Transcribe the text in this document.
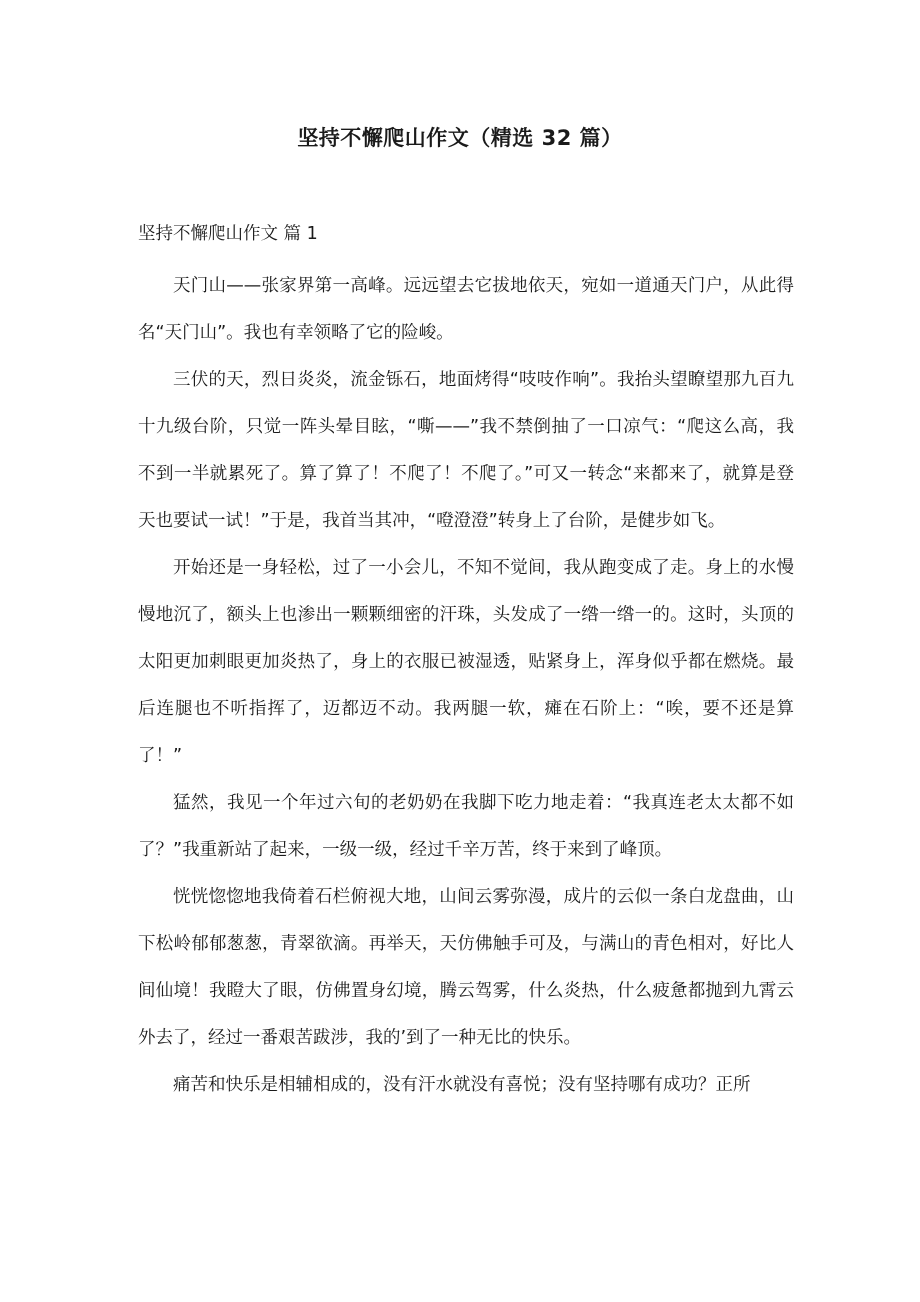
坚持不懈爬山作文（精选 32 篇）
坚持不懈爬山作文 篇 1

天门山——张家界第一高峰。远远望去它拔地依天，宛如一道通天门户，从此得名“天门山”。我也有幸领略了它的险峻。

三伏的天，烈日炎炎，流金铄石，地面烤得“吱吱作响”。我抬头望瞭望那九百九十九级台阶，只觉一阵头晕目眩，“嘶——”我不禁倒抽了一口凉气：“爬这么高，我不到一半就累死了。算了算了！不爬了！不爬了。”可又一转念“来都来了，就算是登天也要试一试！”于是，我首当其冲，“噔澄澄”转身上了台阶，是健步如飞。

开始还是一身轻松，过了一小会儿，不知不觉间，我从跑变成了走。身上的水慢慢地沉了，额头上也渗出一颗颗细密的汗珠，头发成了一绺一绺一的。这时，头顶的太阳更加刺眼更加炎热了，身上的衣服已被湿透，贴紧身上，浑身似乎都在燃烧。最后连腿也不听指挥了，迈都迈不动。我两腿一软，瘫在石阶上：“唉，要不还是算了！”

猛然，我见一个年过六旬的老奶奶在我脚下吃力地走着：“我真连老太太都不如了？”我重新站了起来，一级一级，经过千辛万苦，终于来到了峰顶。

恍恍惚惚地我倚着石栏俯视大地，山间云雾弥漫，成片的云似一条白龙盘曲，山下松岭郁郁葱葱，青翠欲滴。再举天，天仿佛触手可及，与满山的青色相对，好比人间仙境！我瞪大了眼，仿佛置身幻境，腾云驾雾，什么炎热，什么疲惫都抛到九霄云外去了，经过一番艰苦跋涉，我的’到了一种无比的快乐。

痛苦和快乐是相辅相成的，没有汗水就没有喜悦；没有坚持哪有成功？正所
